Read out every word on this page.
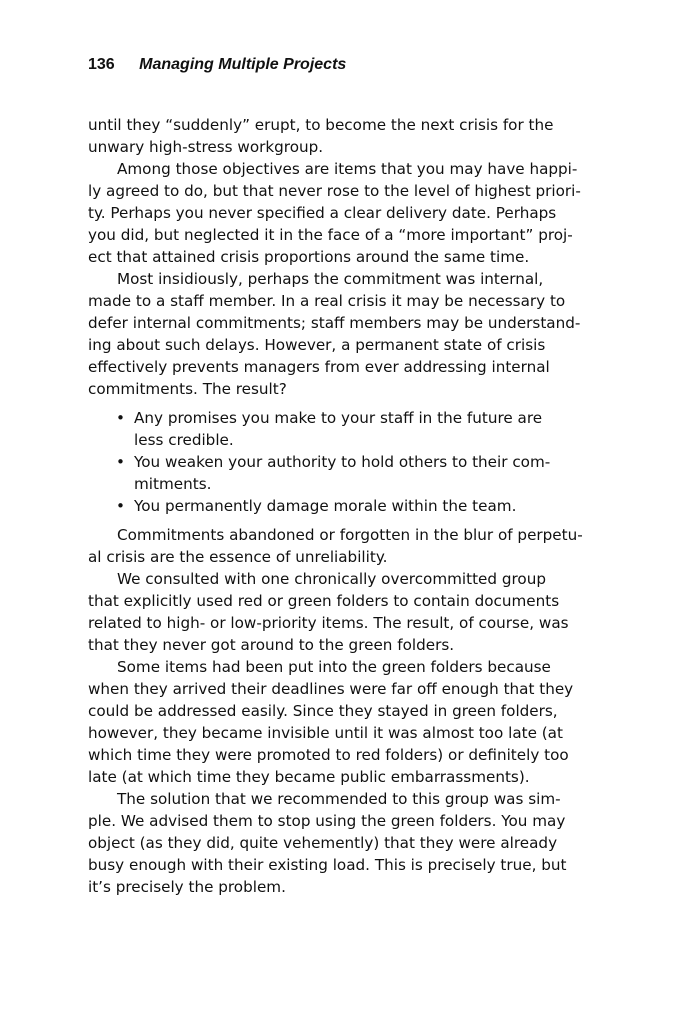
136 Managing Multiple Projects
until they “suddenly” erupt, to become the next crisis for the
unwary high-stress workgroup.
Among those objectives are items that you may have happi-
ly agreed to do, but that never rose to the level of highest priori-
ty. Perhaps you never specified a clear delivery date. Perhaps
you did, but neglected it in the face of a “more important” proj-
ect that attained crisis proportions around the same time.
Most insidiously, perhaps the commitment was internal,
made to a staff member. In a real crisis it may be necessary to
defer internal commitments; staff members may be understand-
ing about such delays. However, a permanent state of crisis
effectively prevents managers from ever addressing internal
commitments. The result?
• Any promises you make to your staff in the future are
less credible.
• You weaken your authority to hold others to their com-
mitments.
• You permanently damage morale within the team.
Commitments abandoned or forgotten in the blur of perpetu-
al crisis are the essence of unreliability.
We consulted with one chronically overcommitted group
that explicitly used red or green folders to contain documents
related to high- or low-priority items. The result, of course, was
that they never got around to the green folders.
Some items had been put into the green folders because
when they arrived their deadlines were far off enough that they
could be addressed easily. Since they stayed in green folders,
however, they became invisible until it was almost too late (at
which time they were promoted to red folders) or definitely too
late (at which time they became public embarrassments).
The solution that we recommended to this group was sim-
ple. We advised them to stop using the green folders. You may
object (as they did, quite vehemently) that they were already
busy enough with their existing load. This is precisely true, but
it’s precisely the problem.
